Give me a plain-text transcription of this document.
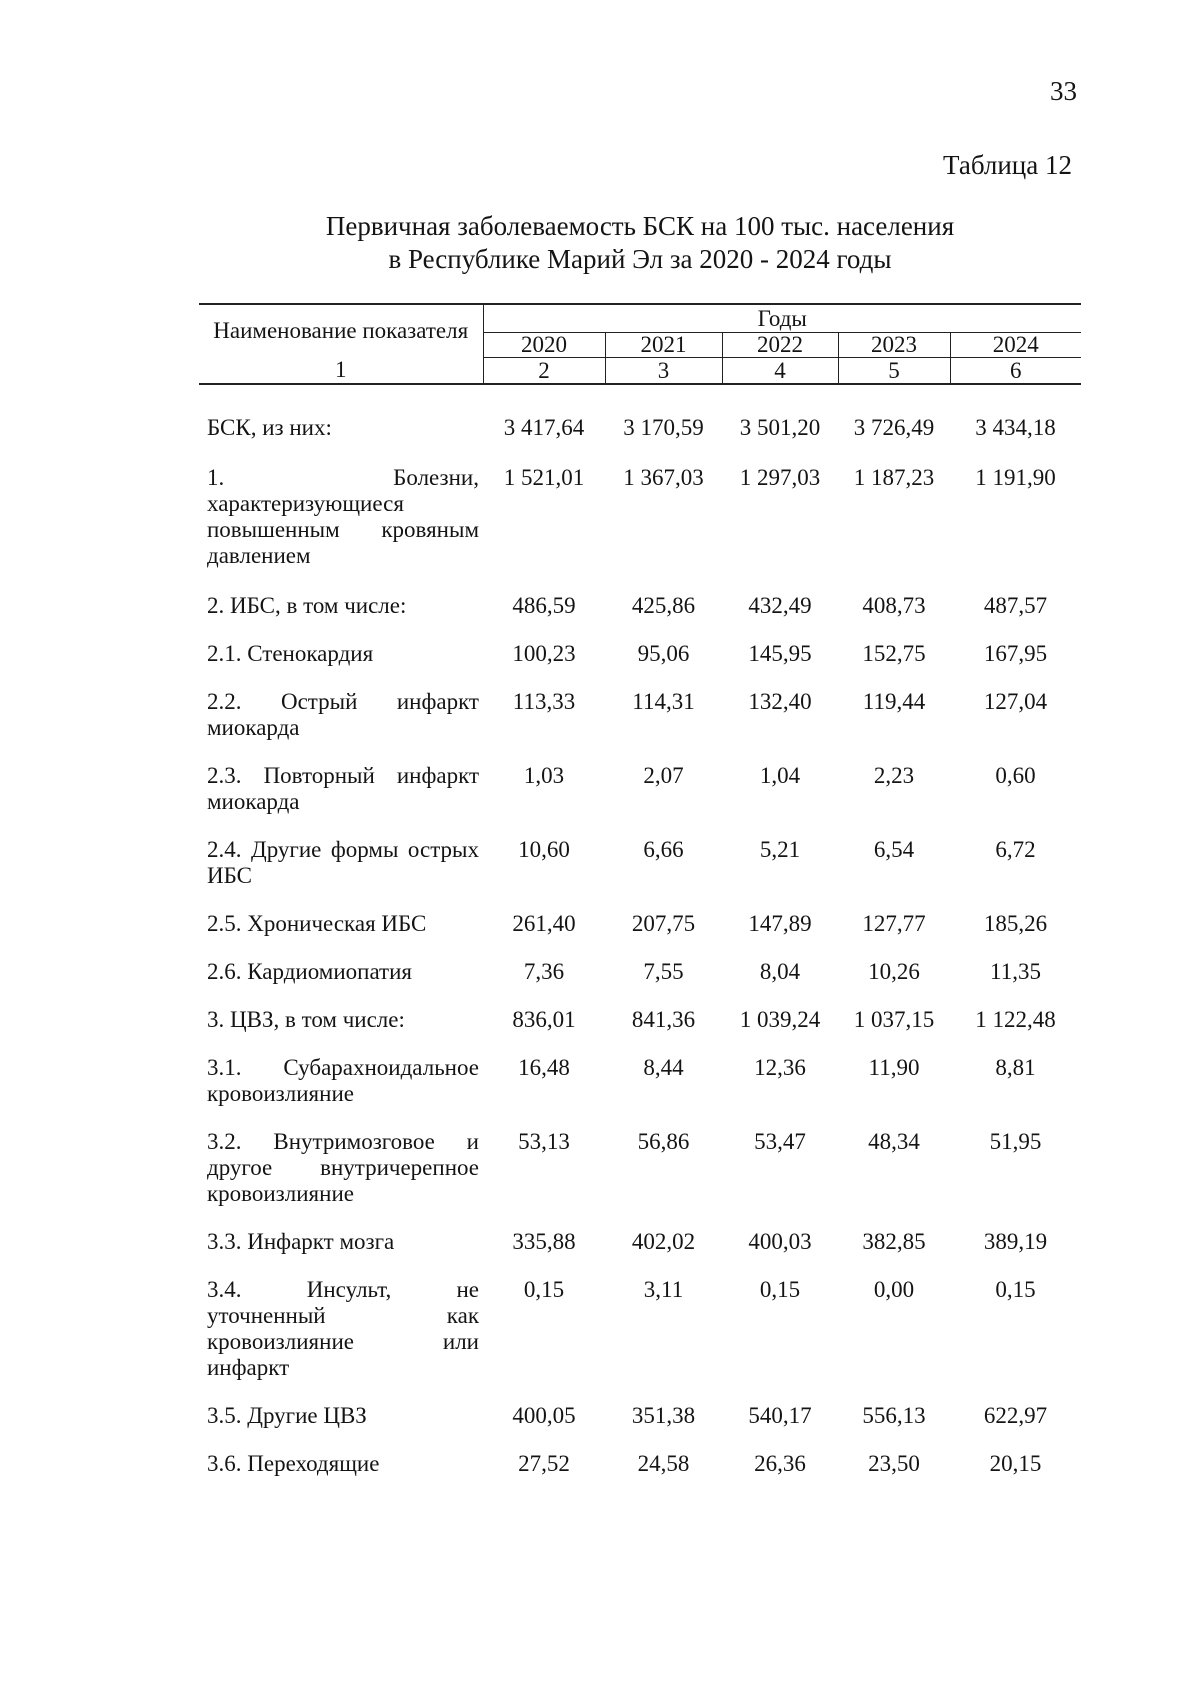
33
Таблица 12
Первичная заболеваемость БСК на 100 тыс. населения
в Республике Марий Эл за 2020 - 2024 годы
Наименование показателя	Годы				
	2020	2021	2022	2023	2024
1	2	3	4	5	6
БСК, из них:	3 417,64	3 170,59	3 501,20	3 726,49	3 434,18
1. Болезни, характеризующиеся повышенным кровяным давлением	1 521,01	1 367,03	1 297,03	1 187,23	1 191,90
2. ИБС, в том числе:	486,59	425,86	432,49	408,73	487,57
2.1. Стенокардия	100,23	95,06	145,95	152,75	167,95
2.2. Острый инфаркт миокарда	113,33	114,31	132,40	119,44	127,04
2.3. Повторный инфаркт миокарда	1,03	2,07	1,04	2,23	0,60
2.4. Другие формы острых ИБС	10,60	6,66	5,21	6,54	6,72
2.5. Хроническая ИБС	261,40	207,75	147,89	127,77	185,26
2.6. Кардиомиопатия	7,36	7,55	8,04	10,26	11,35
3. ЦВЗ, в том числе:	836,01	841,36	1 039,24	1 037,15	1 122,48
3.1. Субарахноидальное кровоизлияние	16,48	8,44	12,36	11,90	8,81
3.2. Внутримозговое и другое внутричерепное кровоизлияние	53,13	56,86	53,47	48,34	51,95
3.3. Инфаркт мозга	335,88	402,02	400,03	382,85	389,19
3.4. Инсульт, не уточненный как кровоизлияние или инфаркт	0,15	3,11	0,15	0,00	0,15
3.5. Другие ЦВЗ	400,05	351,38	540,17	556,13	622,97
3.6. Переходящие	27,52	24,58	26,36	23,50	20,15
